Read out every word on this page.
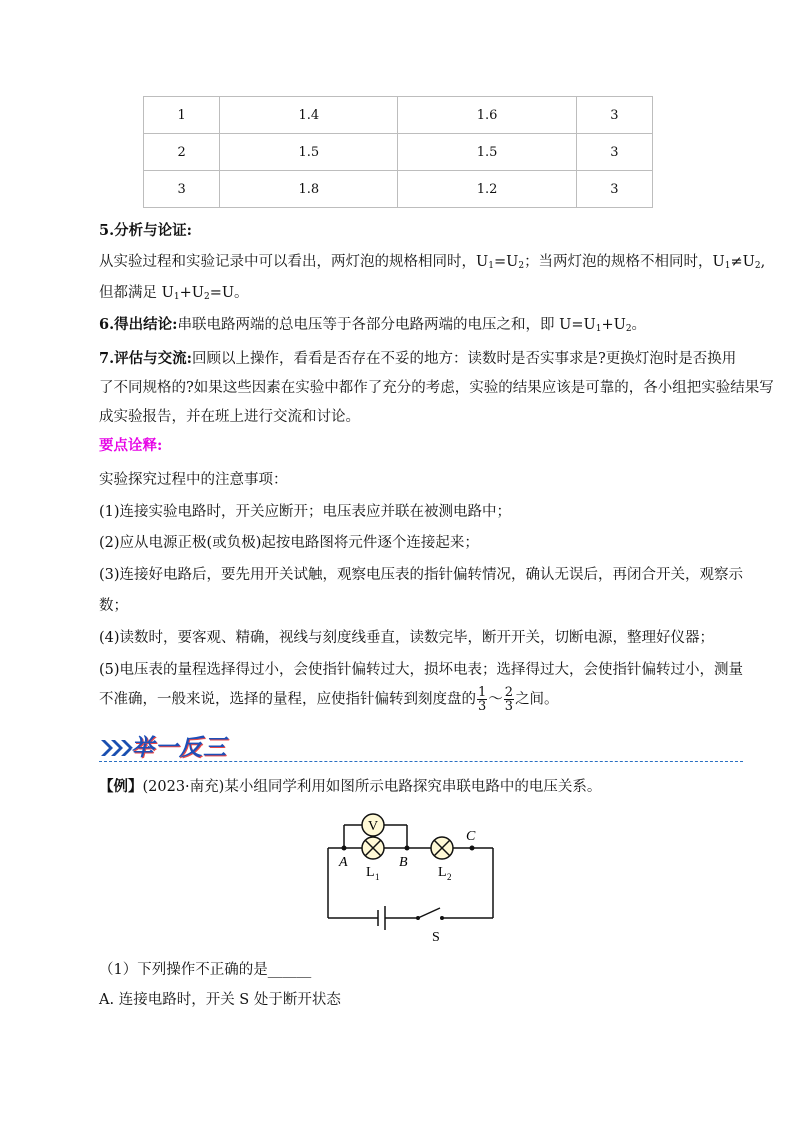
1	1.4	1.6	3
2	1.5	1.5	3
3	1.8	1.2	3
5.分析与论证:
从实验过程和实验记录中可以看出，两灯泡的规格相同时，$U_1=U_2$；当两灯泡的规格不相同时，$U_1\ne U_2$,
但都满足 $U_1+U_2=U$。
6.得出结论:串联电路两端的总电压等于各部分电路两端的电压之和，即 $U=U_1+U_2$。
7.评估与交流:回顾以上操作，看看是否存在不妥的地方：读数时是否实事求是?更换灯泡时是否换用
了不同规格的?如果这些因素在实验中都作了充分的考虑，实验的结果应该是可靠的，各小组把实验结果写
成实验报告，并在班上进行交流和讨论。
要点诠释:
实验探究过程中的注意事项：
(1)连接实验电路时，开关应断开；电压表应并联在被测电路中；
(2)应从电源正极(或负极)起按电路图将元件逐个连接起来；
(3)连接好电路后，要先用开关试触，观察电压表的指针偏转情况，确认无误后，再闭合开关，观察示
数；
(4)读数时，要客观、精确，视线与刻度线垂直，读数完毕，断开开关，切断电源，整理好仪器；
(5)电压表的量程选择得过小，会使指针偏转过大，损坏电表；选择得过大，会使指针偏转过小，测量
不准确，一般来说，选择的量程，应使指针偏转到刻度盘的 $\frac{1}{3}$ ～ $\frac{2}{3}$ 之间。
举一反三
【例】(2023·南充)某小组同学利用如图所示电路探究串联电路中的电压关系。
V
A	B
C
L 1	L 2
S
（1）下列操作不正确的是______
A. 连接电路时，开关 S 处于断开状态
